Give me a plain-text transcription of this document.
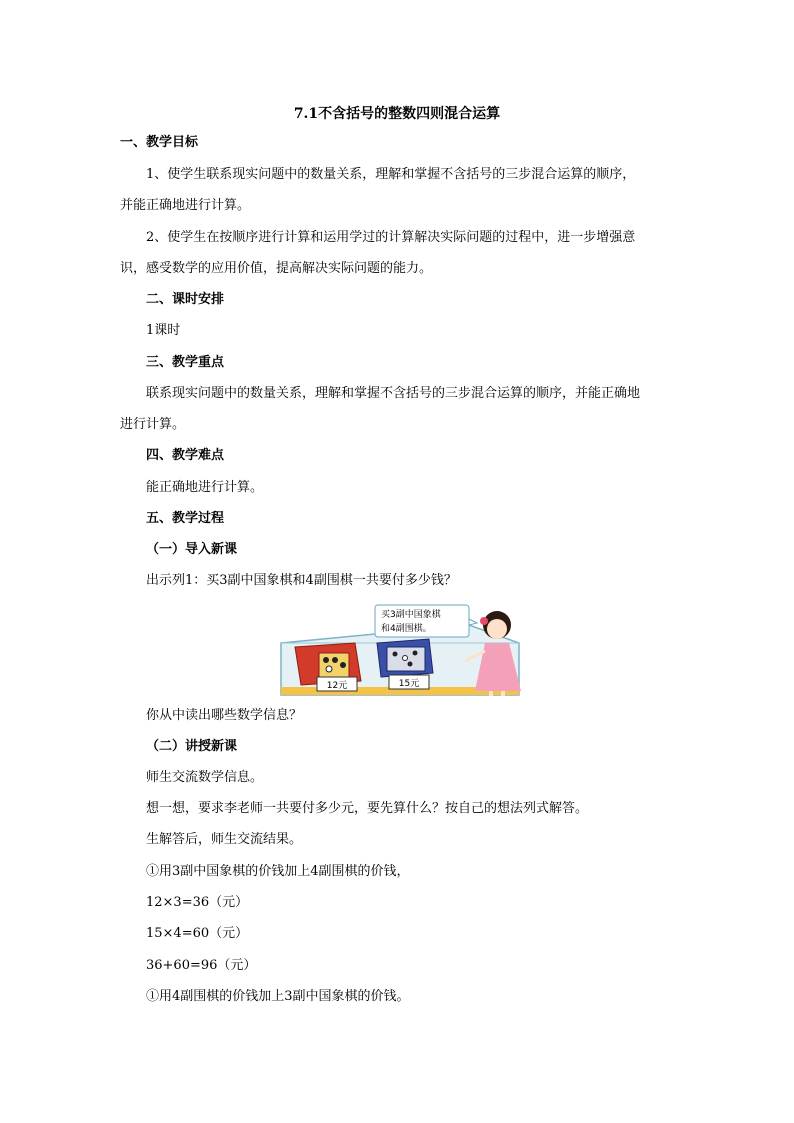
7.1不含括号的整数四则混合运算
一、教学目标
1、使学生联系现实问题中的数量关系，理解和掌握不含括号的三步混合运算的顺序，
并能正确地进行计算。
2、使学生在按顺序进行计算和运用学过的计算解决实际问题的过程中，进一步增强意
识，感受数学的应用价值，提高解决实际问题的能力。
二、课时安排
1课时
三、教学重点
联系现实问题中的数量关系，理解和掌握不含括号的三步混合运算的顺序，并能正确地
进行计算。
四、教学难点
能正确地进行计算。
五、教学过程
（一）导入新课
出示列1：买3副中国象棋和4副围棋一共要付多少钱？
12元	15元
买3副中国象棋
和4副围棋。
你从中读出哪些数学信息？
（二）讲授新课
师生交流数学信息。
想一想，要求李老师一共要付多少元，要先算什么？按自己的想法列式解答。
生解答后，师生交流结果。
①用3副中国象棋的价钱加上4副围棋的价钱，
12×3=36（元）
15×4=60（元）
36+60=96（元）
①用4副围棋的价钱加上3副中国象棋的价钱。
